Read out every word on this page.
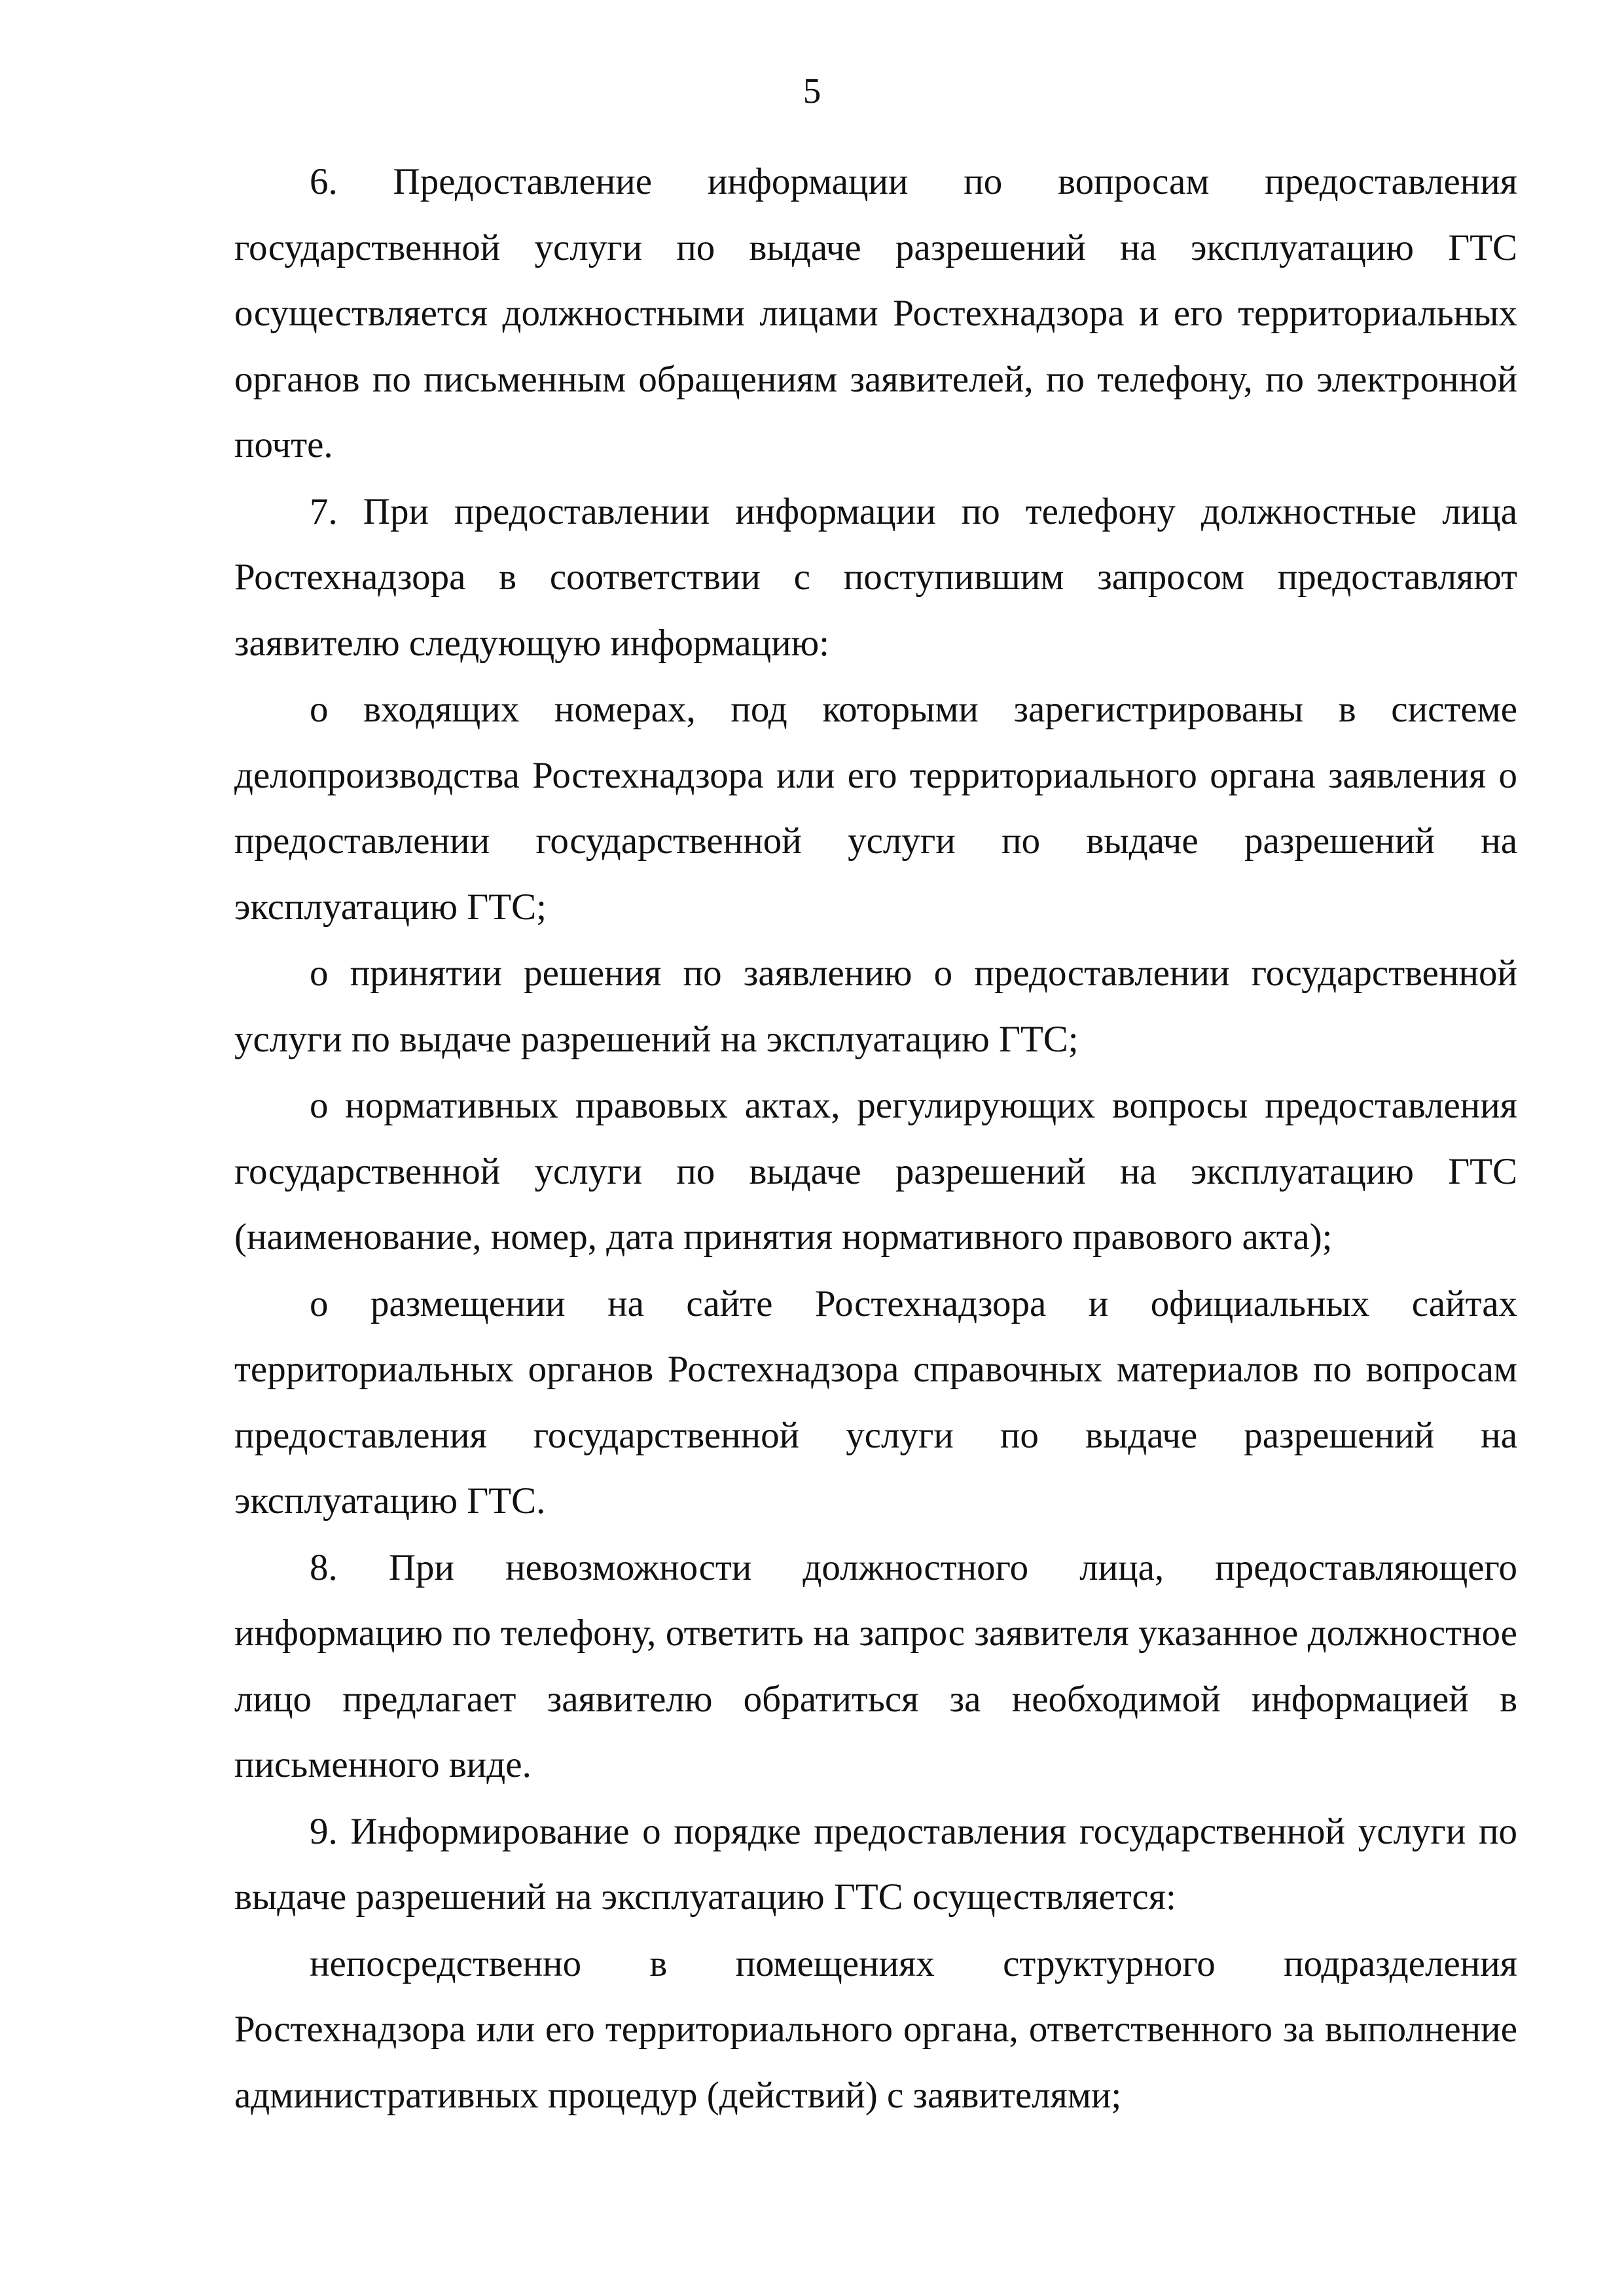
5

6. Предоставление информации по вопросам предоставления государственной услуги по выдаче разрешений на эксплуатацию ГТС осуществляется должностными лицами Ростехнадзора и его территориальных органов по письменным обращениям заявителей, по телефону, по электронной почте.

7. При предоставлении информации по телефону должностные лица Ростехнадзора в соответствии с поступившим запросом предоставляют заявителю следующую информацию:

о входящих номерах, под которыми зарегистрированы в системе делопроизводства Ростехнадзора или его территориального органа заявления о предоставлении государственной услуги по выдаче разрешений на эксплуатацию ГТС;

о принятии решения по заявлению о предоставлении государственной услуги по выдаче разрешений на эксплуатацию ГТС;

о нормативных правовых актах, регулирующих вопросы предоставления государственной услуги по выдаче разрешений на эксплуатацию ГТС (наименование, номер, дата принятия нормативного правового акта);

о размещении на сайте Ростехнадзора и официальных сайтах территориальных органов Ростехнадзора справочных материалов по вопросам предоставления государственной услуги по выдаче разрешений на эксплуатацию ГТС.

8. При невозможности должностного лица, предоставляющего информацию по телефону, ответить на запрос заявителя указанное должностное лицо предлагает заявителю обратиться за необходимой информацией в письменного виде.

9. Информирование о порядке предоставления государственной услуги по выдаче разрешений на эксплуатацию ГТС осуществляется:

непосредственно в помещениях структурного подразделения Ростехнадзора или его территориального органа, ответственного за выполнение административных процедур (действий) с заявителями;
